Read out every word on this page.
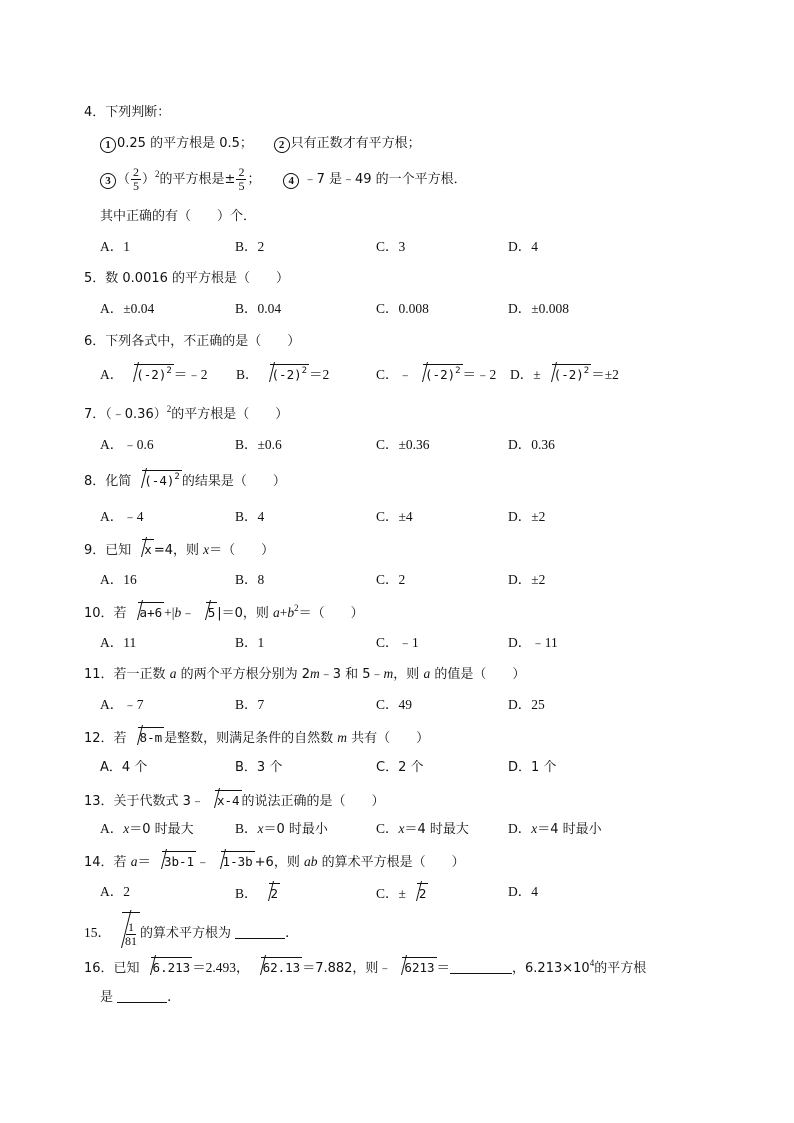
4．下列判断：
1 0.25 的平方根是 0.5； 2 只有正数才有平方根；
3 （ $\frac{2}{5} )^2$的平方根是± $\frac{2}{5}$ ；	4 ﹣7 是﹣49 的一个平方根．
其中正确的有（　　）个．
A．1	B．2	C．3	D．4
5．数 0.0016 的平方根是（　　）
A．±0.04	B．0.04	C．0.008	D．±0.008
6．下列各式中，不正确的是（　　）
A． $(-2)^2$ ＝﹣2 B． $(-2)^2 =2$	C．﹣ $(-2)^2$ ＝﹣2 D．± $(-2)^2 =\pm 2$
7．（﹣0.36）$^2$的平方根是（　　）
A．﹣0.6	B．±0.6	C．±0.36	D．0.36
8．化简 $(-4)^2$ 的结果是（　　）
A．﹣4	B．4	C．±4	D．±2
9．已知 x =4，则 x＝（　　）
A．16	B．8	C．2	D．±2
10．若 a+6 +|b﹣ 5 |＝0，则 $a+b^2=$（　　）
A．11	B．1	C．﹣1	D．﹣11
11．若一正数 a 的两个平方根分别为 2m﹣3 和 5﹣m，则 a 的值是（　　）
A．﹣7	B．7	C．49	D．25
12．若 8-m 是整数，则满足条件的自然数 m 共有（　　）
A．4 个	B．3 个	C．2 个	D．1 个
13．关于代数式 3﹣ x-4 的说法正确的是（　　）
A．x＝0 时最大	B．x＝0 时最小	C．x＝4 时最大	D．x＝4 时最小
14．若 a＝ 3b-1 ﹣ 1-3b +6，则 ab 的算术平方根是（　　）
A．2	B． 2	C．± 2	D．4
15． $\frac{1}{81}$ 的算术平方根为	．
16．已知 6.213 ＝2.493， 62.13 ＝7.882，则﹣ 6213 ＝	，$6.213\times 10^4$的平方根
是	．
